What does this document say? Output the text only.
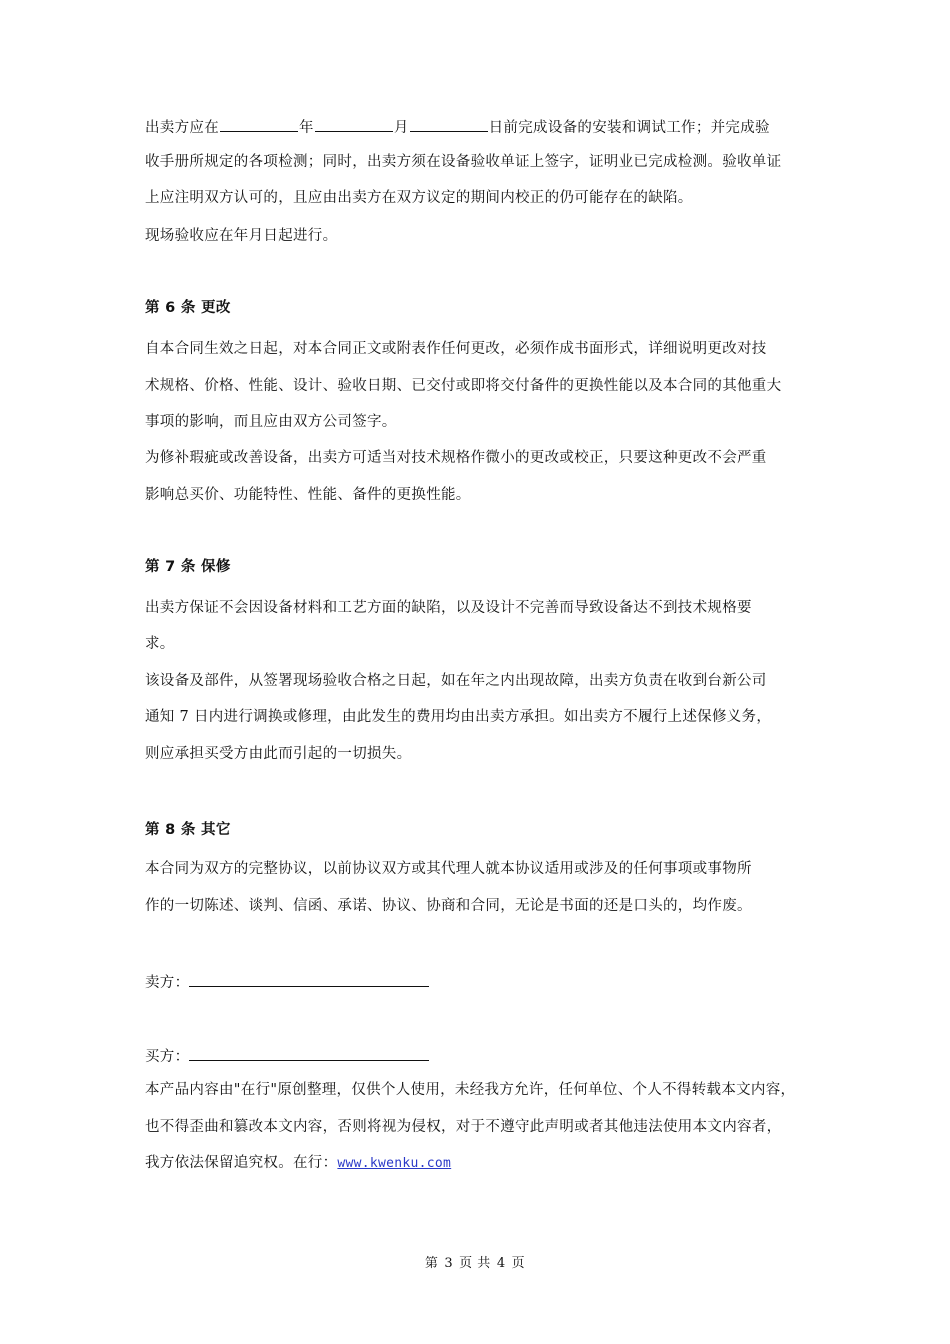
出卖方应在	年	月	日前完成设备的安装和调试工作；并完成验
收手册所规定的各项检测；同时，出卖方须在设备验收单证上签字，证明业已完成检测。验收单证
上应注明双方认可的，且应由出卖方在双方议定的期间内校正的仍可能存在的缺陷。
现场验收应在年月日起进行。
第 6 条 更改
自本合同生效之日起，对本合同正文或附表作任何更改，必须作成书面形式，详细说明更改对技
术规格、价格、性能、设计、验收日期、已交付或即将交付备件的更换性能以及本合同的其他重大
事项的影响，而且应由双方公司签字。
为修补瑕疵或改善设备，出卖方可适当对技术规格作微小的更改或校正，只要这种更改不会严重
影响总买价、功能特性、性能、备件的更换性能。
第 7 条 保修
出卖方保证不会因设备材料和工艺方面的缺陷，以及设计不完善而导致设备达不到技术规格要
求。
该设备及部件，从签署现场验收合格之日起，如在年之内出现故障，出卖方负责在收到台新公司
通知 7 日内进行调换或修理，由此发生的费用均由出卖方承担。如出卖方不履行上述保修义务，
则应承担买受方由此而引起的一切损失。
第 8 条 其它
本合同为双方的完整协议，以前协议双方或其代理人就本协议适用或涉及的任何事项或事物所
作的一切陈述、谈判、信函、承诺、协议、协商和合同，无论是书面的还是口头的，均作废。
卖方：
买方：
本产品内容由"在行"原创整理，仅供个人使用，未经我方允许，任何单位、个人不得转载本文内容，
也不得歪曲和篡改本文内容，否则将视为侵权，对于不遵守此声明或者其他违法使用本文内容者，
我方依法保留追究权。在行：www.kwenku.com
第 3 页 共 4 页
